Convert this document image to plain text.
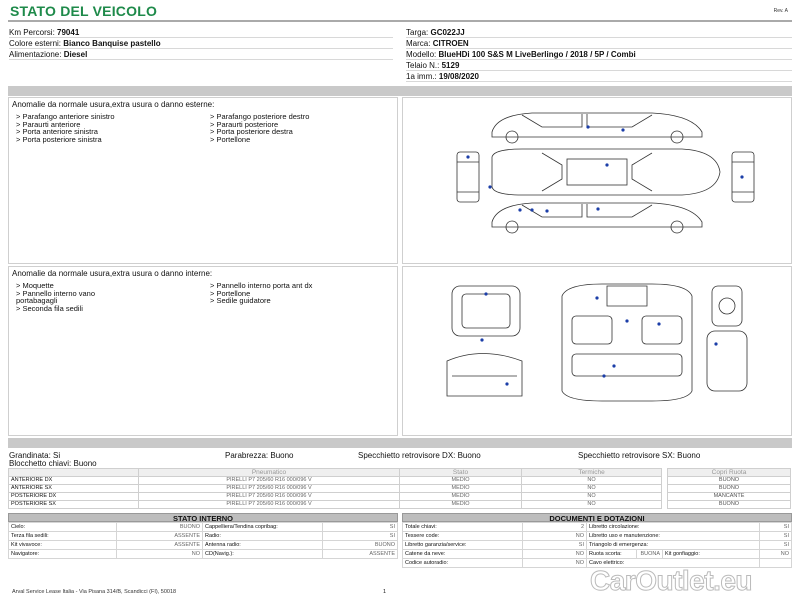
STATO DEL VEICOLO	Rev. A
Km Percorsi: 79041
Colore esterni: Bianco Banquise pastello
Alimentazione: Diesel
Targa: GC022JJ
Marca: CITROEN
Modello: BlueHDi 100 S&S M LiveBerlingo / 2018 / 5P / Combi
Telaio N.: 5129
1a imm.: 19/08/2020
Anomalie da normale usura,extra usura o danno esterne:
> Parafango anteriore sinistro
> Paraurti anteriore
> Porta anteriore sinistra
> Porta posteriore sinistra
> Parafango posteriore destro
> Paraurti posteriore
> Porta posteriore destra
> Portellone
Anomalie da normale usura,extra usura o danno interne:
> Moquette
> Pannello interno vano
portabagagli
> Seconda fila sedili
> Pannello interno porta ant dx
> Portellone
> Sedile guidatore
Grandinata: Si	Parabrezza: Buono	Specchietto retrovisore DX: Buono	Specchietto retrovisore SX: Buono
Blocchetto chiavi: Buono
	Pneumatico	Stato	Termiche
ANTERIORE DX	PIRELLI P7 205/60 R16 000/096 V	MEDIO	NO
ANTERIORE SX	PIRELLI P7 205/60 R16 000/096 V	MEDIO	NO
POSTERIORE DX	PIRELLI P7 205/60 R16 000/096 V	MEDIO	NO
POSTERIORE SX	PIRELLI P7 205/60 R16 000/096 V	MEDIO	NO
Copri Ruota
BUONO
BUONO
MANCANTE
BUONO
STATO INTERNO
Cielo:	BUONO	Cappelliera/Tendina copribag:	SI
Terza fila sedili:	ASSENTE	Radio:	SI
Kit vivavoce:	ASSENTE	Antenna radio:	BUONO
Navigatore:	NO	CD(Navig.):	ASSENTE
DOCUMENTI E DOTAZIONI
Totale chiavi:	2	Libretto circolazione:			SI
Tessere code:	NO	Libretto uso e manutenzione:			SI
Libretto garanzia/service:	SI	Triangolo di emergenza:			SI
Catene da neve:	NO	Ruota scorta:	BUONA	Kit gonfiaggio:	NO
Codice autoradio:	NO	Cavo elettrico:			
Arval Service Lease Italia - Via Pisana 314/B, Scandicci (FI), 50018	1	CarOutlet.eu
